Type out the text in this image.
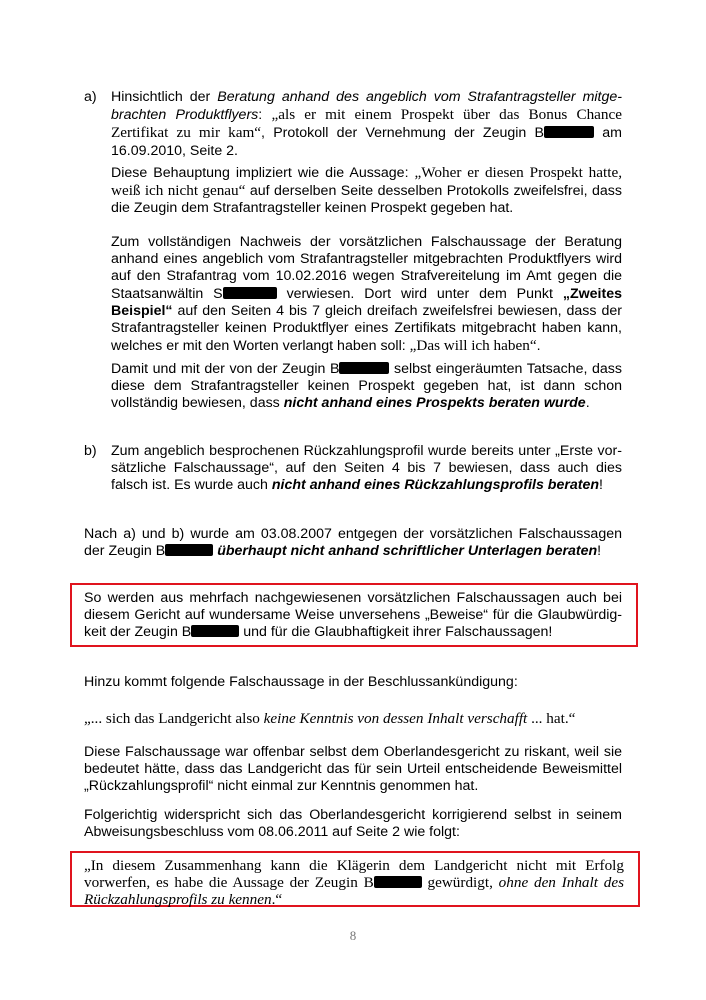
a) Hinsichtlich der Beratung anhand des angeblich vom Strafantragsteller mitgebrachten Produktflyers: „als er mit einem Prospekt über das Bonus Chance Zertifikat zu mir kam“, Protokoll der Vernehmung der Zeugin B	am 16.09.2010, Seite 2.

Diese Behauptung impliziert wie die Aussage: „Woher er diesen Prospekt hatte, weiß ich nicht genau“ auf derselben Seite desselben Protokolls zweifelsfrei, dass die Zeugin dem Strafantragsteller keinen Prospekt gegeben hat.

Zum vollständigen Nachweis der vorsätzlichen Falschaussage der Beratung anhand eines angeblich vom Strafantragsteller mitgebrachten Produktflyers wird auf den Strafantrag vom 10.02.2016 wegen Strafvereitelung im Amt gegen die Staatsanwältin S	verwiesen. Dort wird unter dem Punkt „Zweites Beispiel“ auf den Seiten 4 bis 7 gleich dreifach zweifelsfrei bewiesen, dass der Strafantragsteller keinen Produktflyer eines Zertifikats mitgebracht haben kann, welches er mit den Worten verlangt haben soll: „Das will ich haben“.

Damit und mit der von der Zeugin B	selbst eingeräumten Tatsache, dass diese dem Strafantragsteller keinen Prospekt gegeben hat, ist dann schon vollständig bewiesen, dass nicht anhand eines Prospekts beraten wurde.

b) Zum angeblich besprochenen Rückzahlungsprofil wurde bereits unter „Erste vorsätzliche Falschaussage“, auf den Seiten 4 bis 7 bewiesen, dass auch dies falsch ist. Es wurde auch nicht anhand eines Rückzahlungsprofils beraten!

Nach a) und b) wurde am 03.08.2007 entgegen der vorsätzlichen Falschaussagen der Zeugin B	überhaupt nicht anhand schriftlicher Unterlagen beraten!

So werden aus mehrfach nachgewiesenen vorsätzlichen Falschaussagen auch bei diesem Gericht auf wundersame Weise unversehens „Beweise“ für die Glaubwürdigkeit der Zeugin B	und für die Glaubhaftigkeit ihrer Falschaussagen!

Hinzu kommt folgende Falschaussage in der Beschlussankündigung:

„... sich das Landgericht also keine Kenntnis von dessen Inhalt verschafft ... hat.“

Diese Falschaussage war offenbar selbst dem Oberlandesgericht zu riskant, weil sie bedeutet hätte, dass das Landgericht das für sein Urteil entscheidende Beweismittel „Rückzahlungsprofil“ nicht einmal zur Kenntnis genommen hat.

Folgerichtig widerspricht sich das Oberlandesgericht korrigierend selbst in seinem Abweisungsbeschluss vom 08.06.2011 auf Seite 2 wie folgt:

„In diesem Zusammenhang kann die Klägerin dem Landgericht nicht mit Erfolg vorwerfen, es habe die Aussage der Zeugin B	gewürdigt, ohne den Inhalt des Rückzahlungsprofils zu kennen.“

8
